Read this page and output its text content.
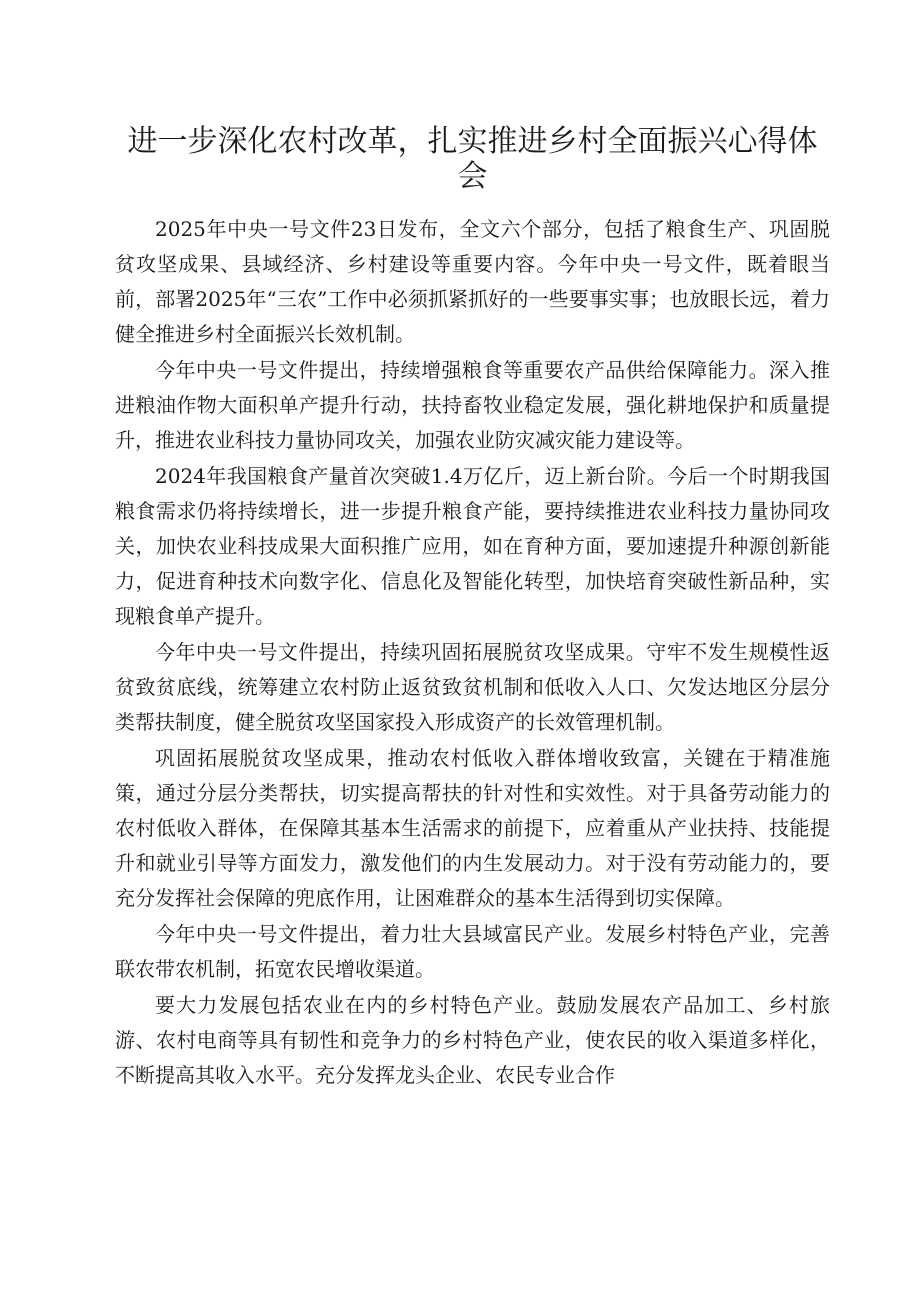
进一步深化农村改革，扎实推进乡村全面振兴心得体会

2025年中央一号文件23日发布，全文六个部分，包括了粮食生产、巩固脱贫攻坚成果、县域经济、乡村建设等重要内容。今年中央一号文件，既着眼当前，部署2025年“三农”工作中必须抓紧抓好的一些要事实事；也放眼长远，着力健全推进乡村全面振兴长效机制。

今年中央一号文件提出，持续增强粮食等重要农产品供给保障能力。深入推进粮油作物大面积单产提升行动，扶持畜牧业稳定发展，强化耕地保护和质量提升，推进农业科技力量协同攻关，加强农业防灾减灾能力建设等。

2024年我国粮食产量首次突破1.4万亿斤，迈上新台阶。今后一个时期我国粮食需求仍将持续增长，进一步提升粮食产能，要持续推进农业科技力量协同攻关，加快农业科技成果大面积推广应用，如在育种方面，要加速提升种源创新能力，促进育种技术向数字化、信息化及智能化转型，加快培育突破性新品种，实现粮食单产提升。

今年中央一号文件提出，持续巩固拓展脱贫攻坚成果。守牢不发生规模性返贫致贫底线，统筹建立农村防止返贫致贫机制和低收入人口、欠发达地区分层分类帮扶制度，健全脱贫攻坚国家投入形成资产的长效管理机制。

巩固拓展脱贫攻坚成果，推动农村低收入群体增收致富，关键在于精准施策，通过分层分类帮扶，切实提高帮扶的针对性和实效性。对于具备劳动能力的农村低收入群体，在保障其基本生活需求的前提下，应着重从产业扶持、技能提升和就业引导等方面发力，激发他们的内生发展动力。对于没有劳动能力的，要充分发挥社会保障的兜底作用，让困难群众的基本生活得到切实保障。

今年中央一号文件提出，着力壮大县域富民产业。发展乡村特色产业，完善联农带农机制，拓宽农民增收渠道。

要大力发展包括农业在内的乡村特色产业。鼓励发展农产品加工、乡村旅游、农村电商等具有韧性和竞争力的乡村特色产业，使农民的收入渠道多样化，不断提高其收入水平。充分发挥龙头企业、农民专业合作
